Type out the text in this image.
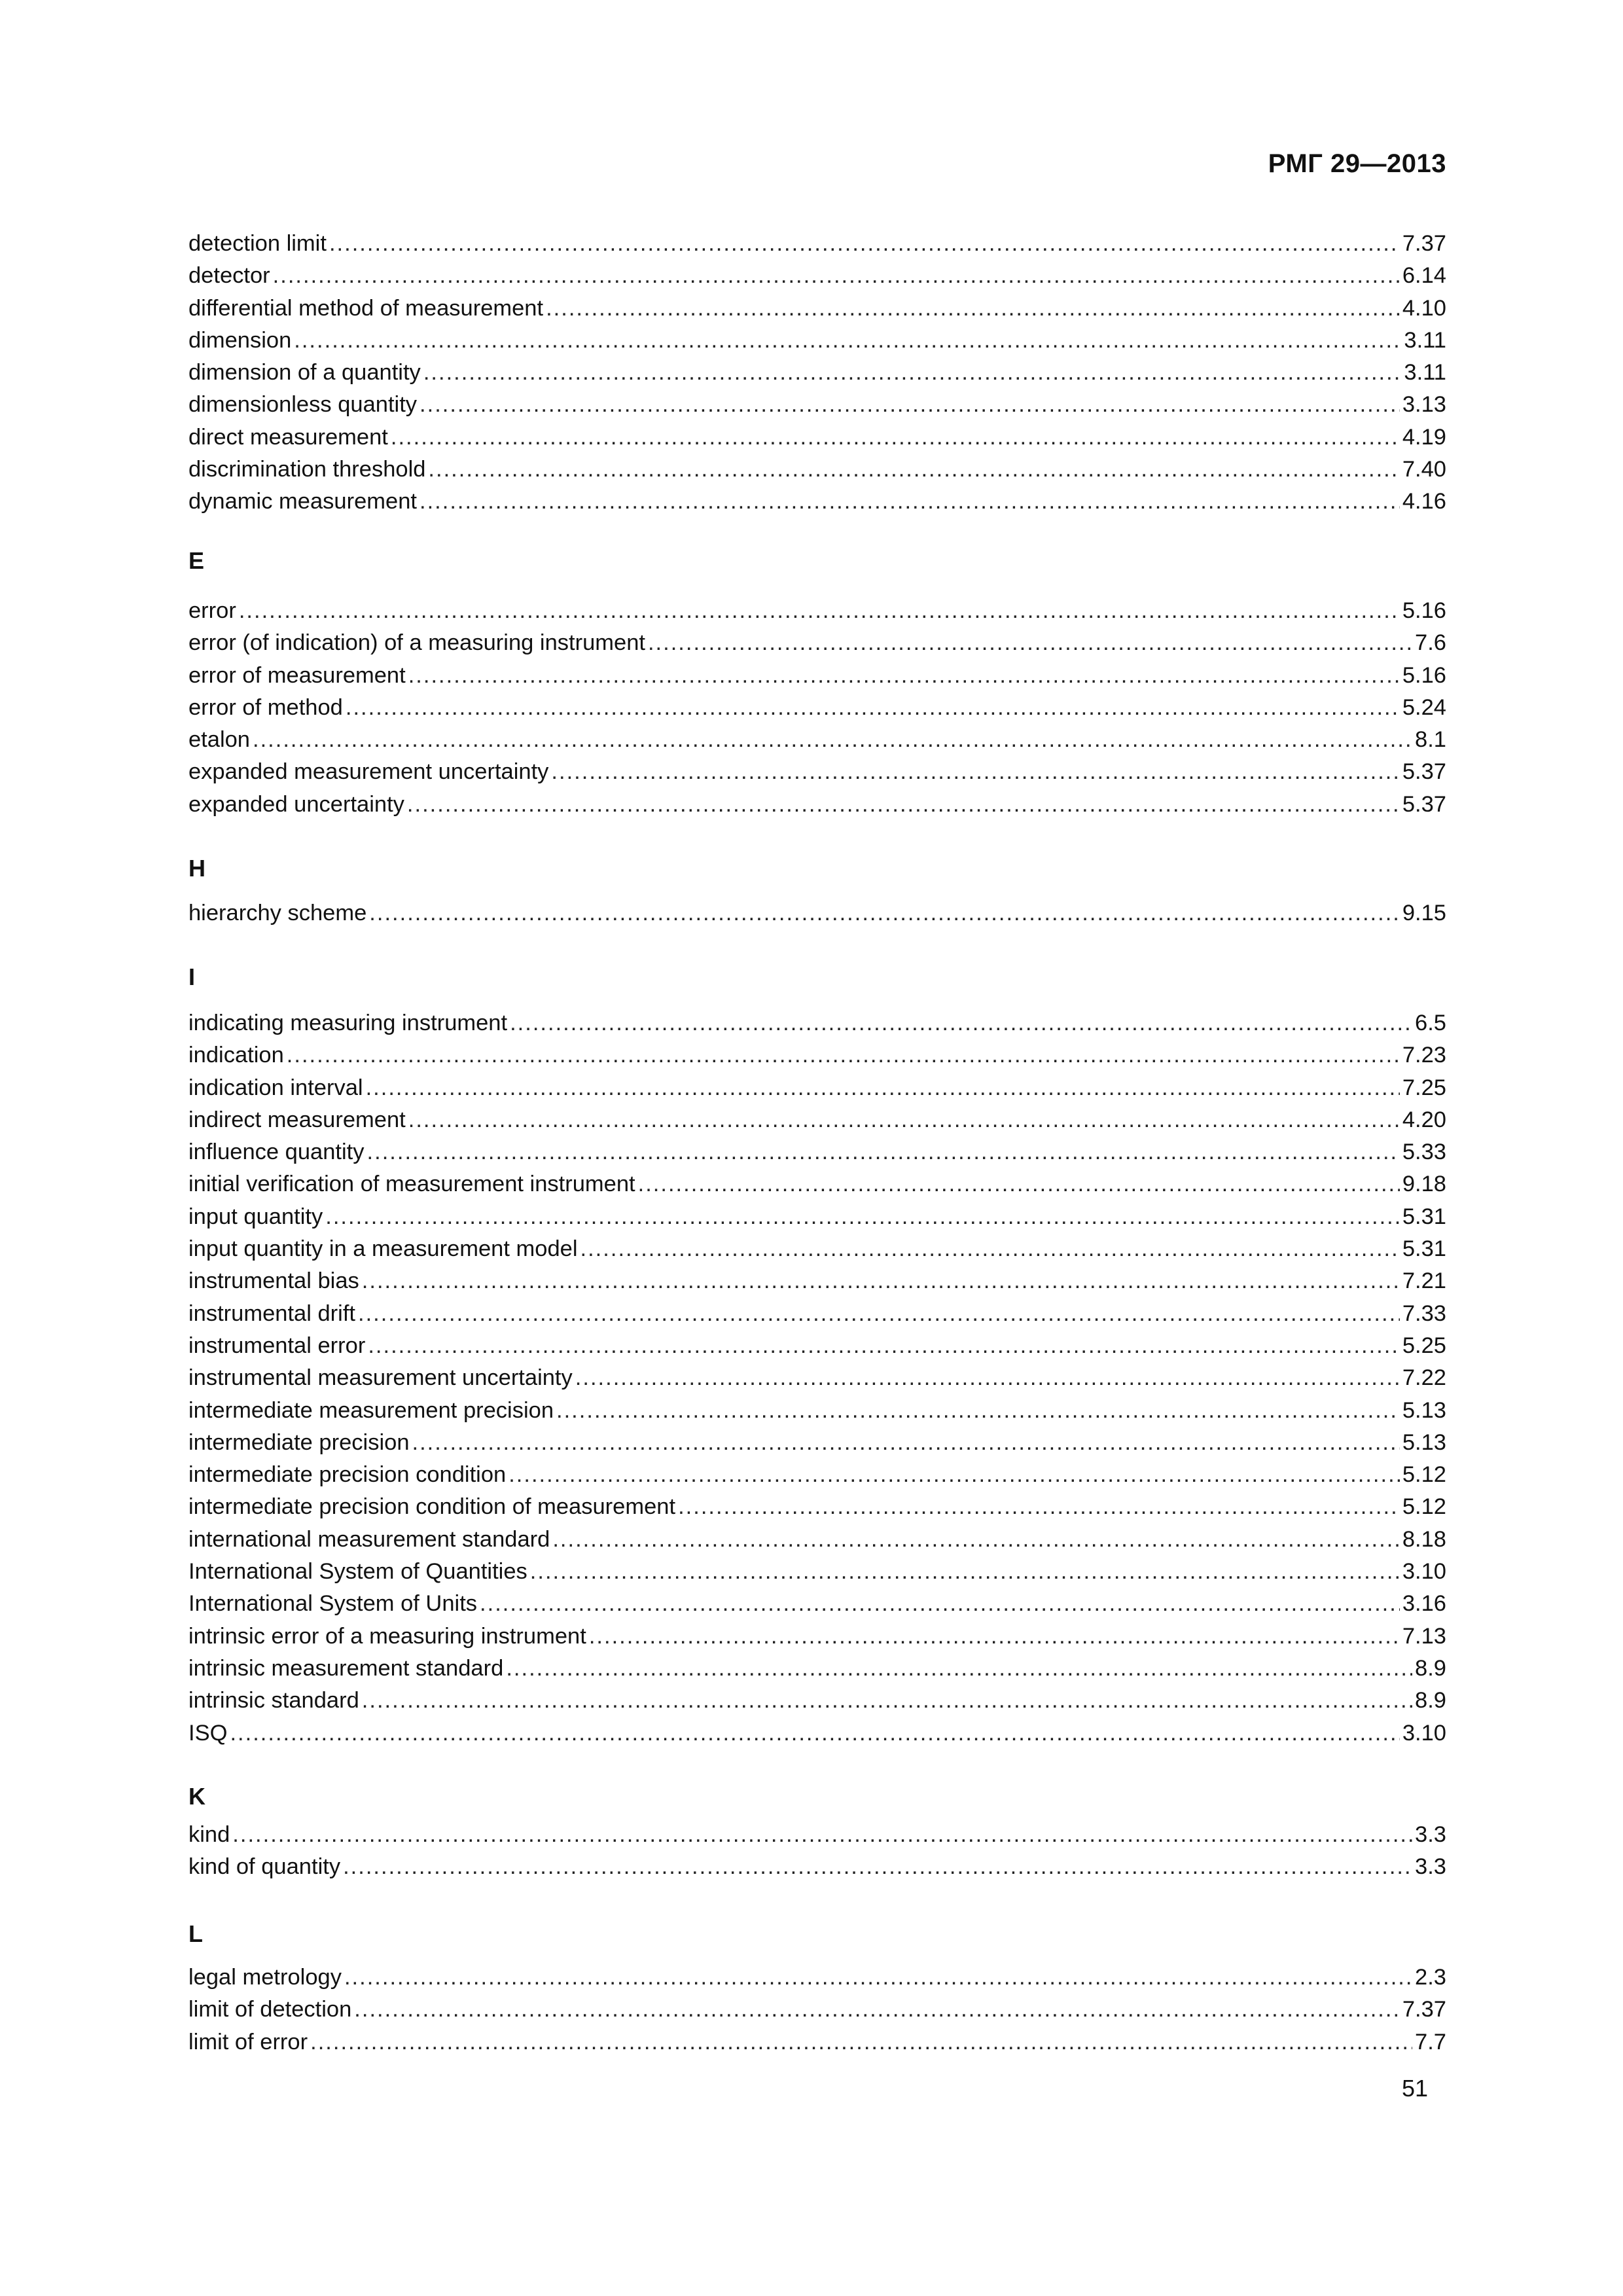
РМГ 29—2013
detection limit .....	7.37
detector .....	6.14
differential method of measurement .....	4.10
dimension .....	3.11
dimension of a quantity .....	3.11
dimensionless quantity .....	3.13
direct measurement .....	4.19
discrimination threshold .....	7.40
dynamic measurement .....	4.16
E
error .....	5.16
error (of indication) of a measuring instrument .....	7.6
error of measurement .....	5.16
error of method .....	5.24
etalon .....	8.1
expanded measurement uncertainty .....	5.37
expanded uncertainty .....	5.37
H
hierarchy scheme .....	9.15
I
indicating measuring instrument .....	6.5
indication .....	7.23
indication interval .....	7.25
indirect measurement .....	4.20
influence quantity .....	5.33
initial verification of measurement instrument .....	9.18
input quantity .....	5.31
input quantity in a measurement model .....	5.31
instrumental bias .....	7.21
instrumental drift .....	7.33
instrumental error .....	5.25
instrumental measurement uncertainty .....	7.22
intermediate measurement precision .....	5.13
intermediate precision .....	5.13
intermediate precision condition .....	5.12
intermediate precision condition of measurement .....	5.12
international measurement standard .....	8.18
International System of Quantities .....	3.10
International System of Units .....	3.16
intrinsic error of a measuring instrument .....	7.13
intrinsic measurement standard .....	8.9
intrinsic standard .....	8.9
ISQ .....	3.10
K
kind .....	3.3
kind of quantity .....	3.3
L
legal metrology .....	2.3
limit of detection .....	7.37
limit of error .....	7.7
51
